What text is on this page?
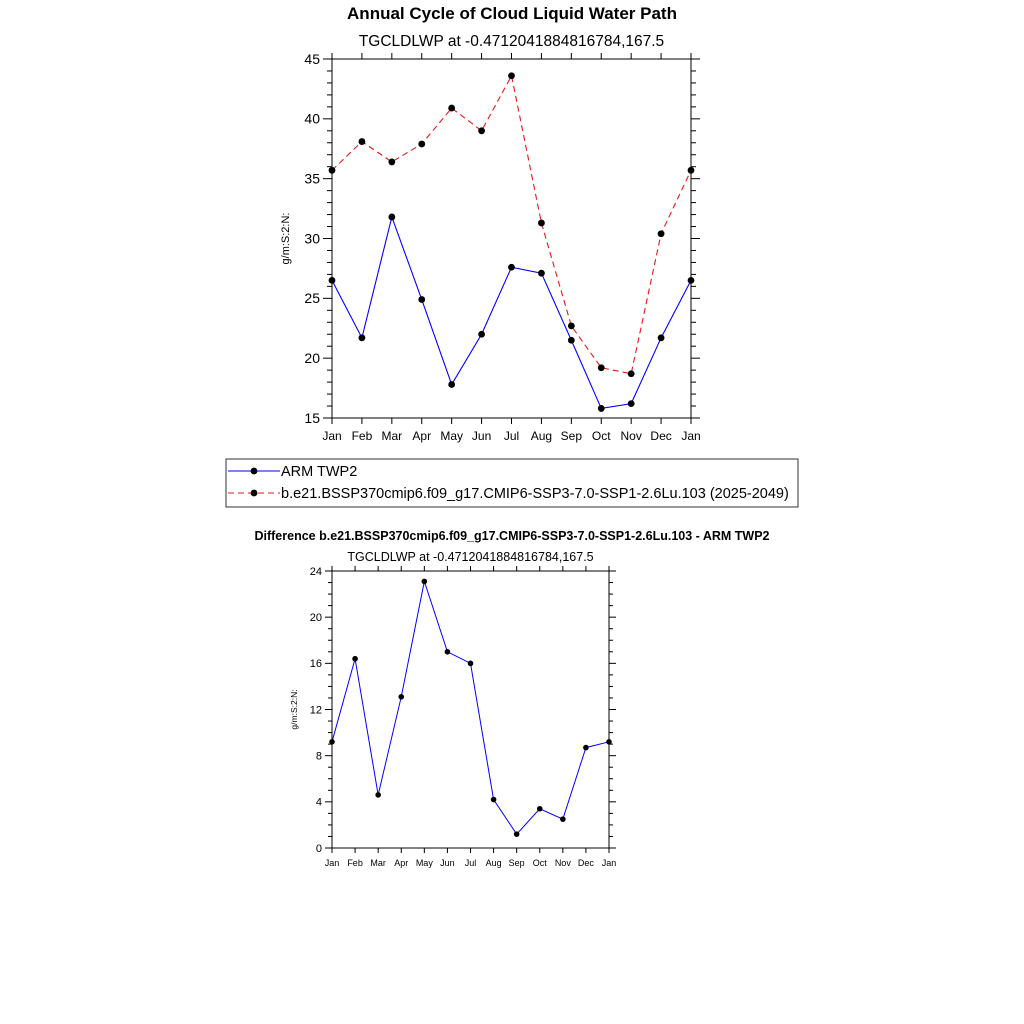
Annual Cycle of Cloud Liquid Water Path
TGCLDLWP at -0.4712041884816784,167.5
15
20
25
30
35
40
45
Jan Feb Mar Apr May Jun Jul Aug Sep Oct Nov Dec Jan
g/m:S:2:N:
ARM TWP2
b.e21.BSSP370cmip6.f09_g17.CMIP6-SSP3-7.0-SSP1-2.6Lu.103 (2025-2049)
Difference b.e21.BSSP370cmip6.f09_g17.CMIP6-SSP3-7.0-SSP1-2.6Lu.103 - ARM TWP2
TGCLDLWP at -0.4712041884816784,167.5
0
4
8
12
16
20
24
Jan Feb Mar Apr May Jun Jul Aug Sep Oct Nov Dec Jan
g/m:S:2:N:
